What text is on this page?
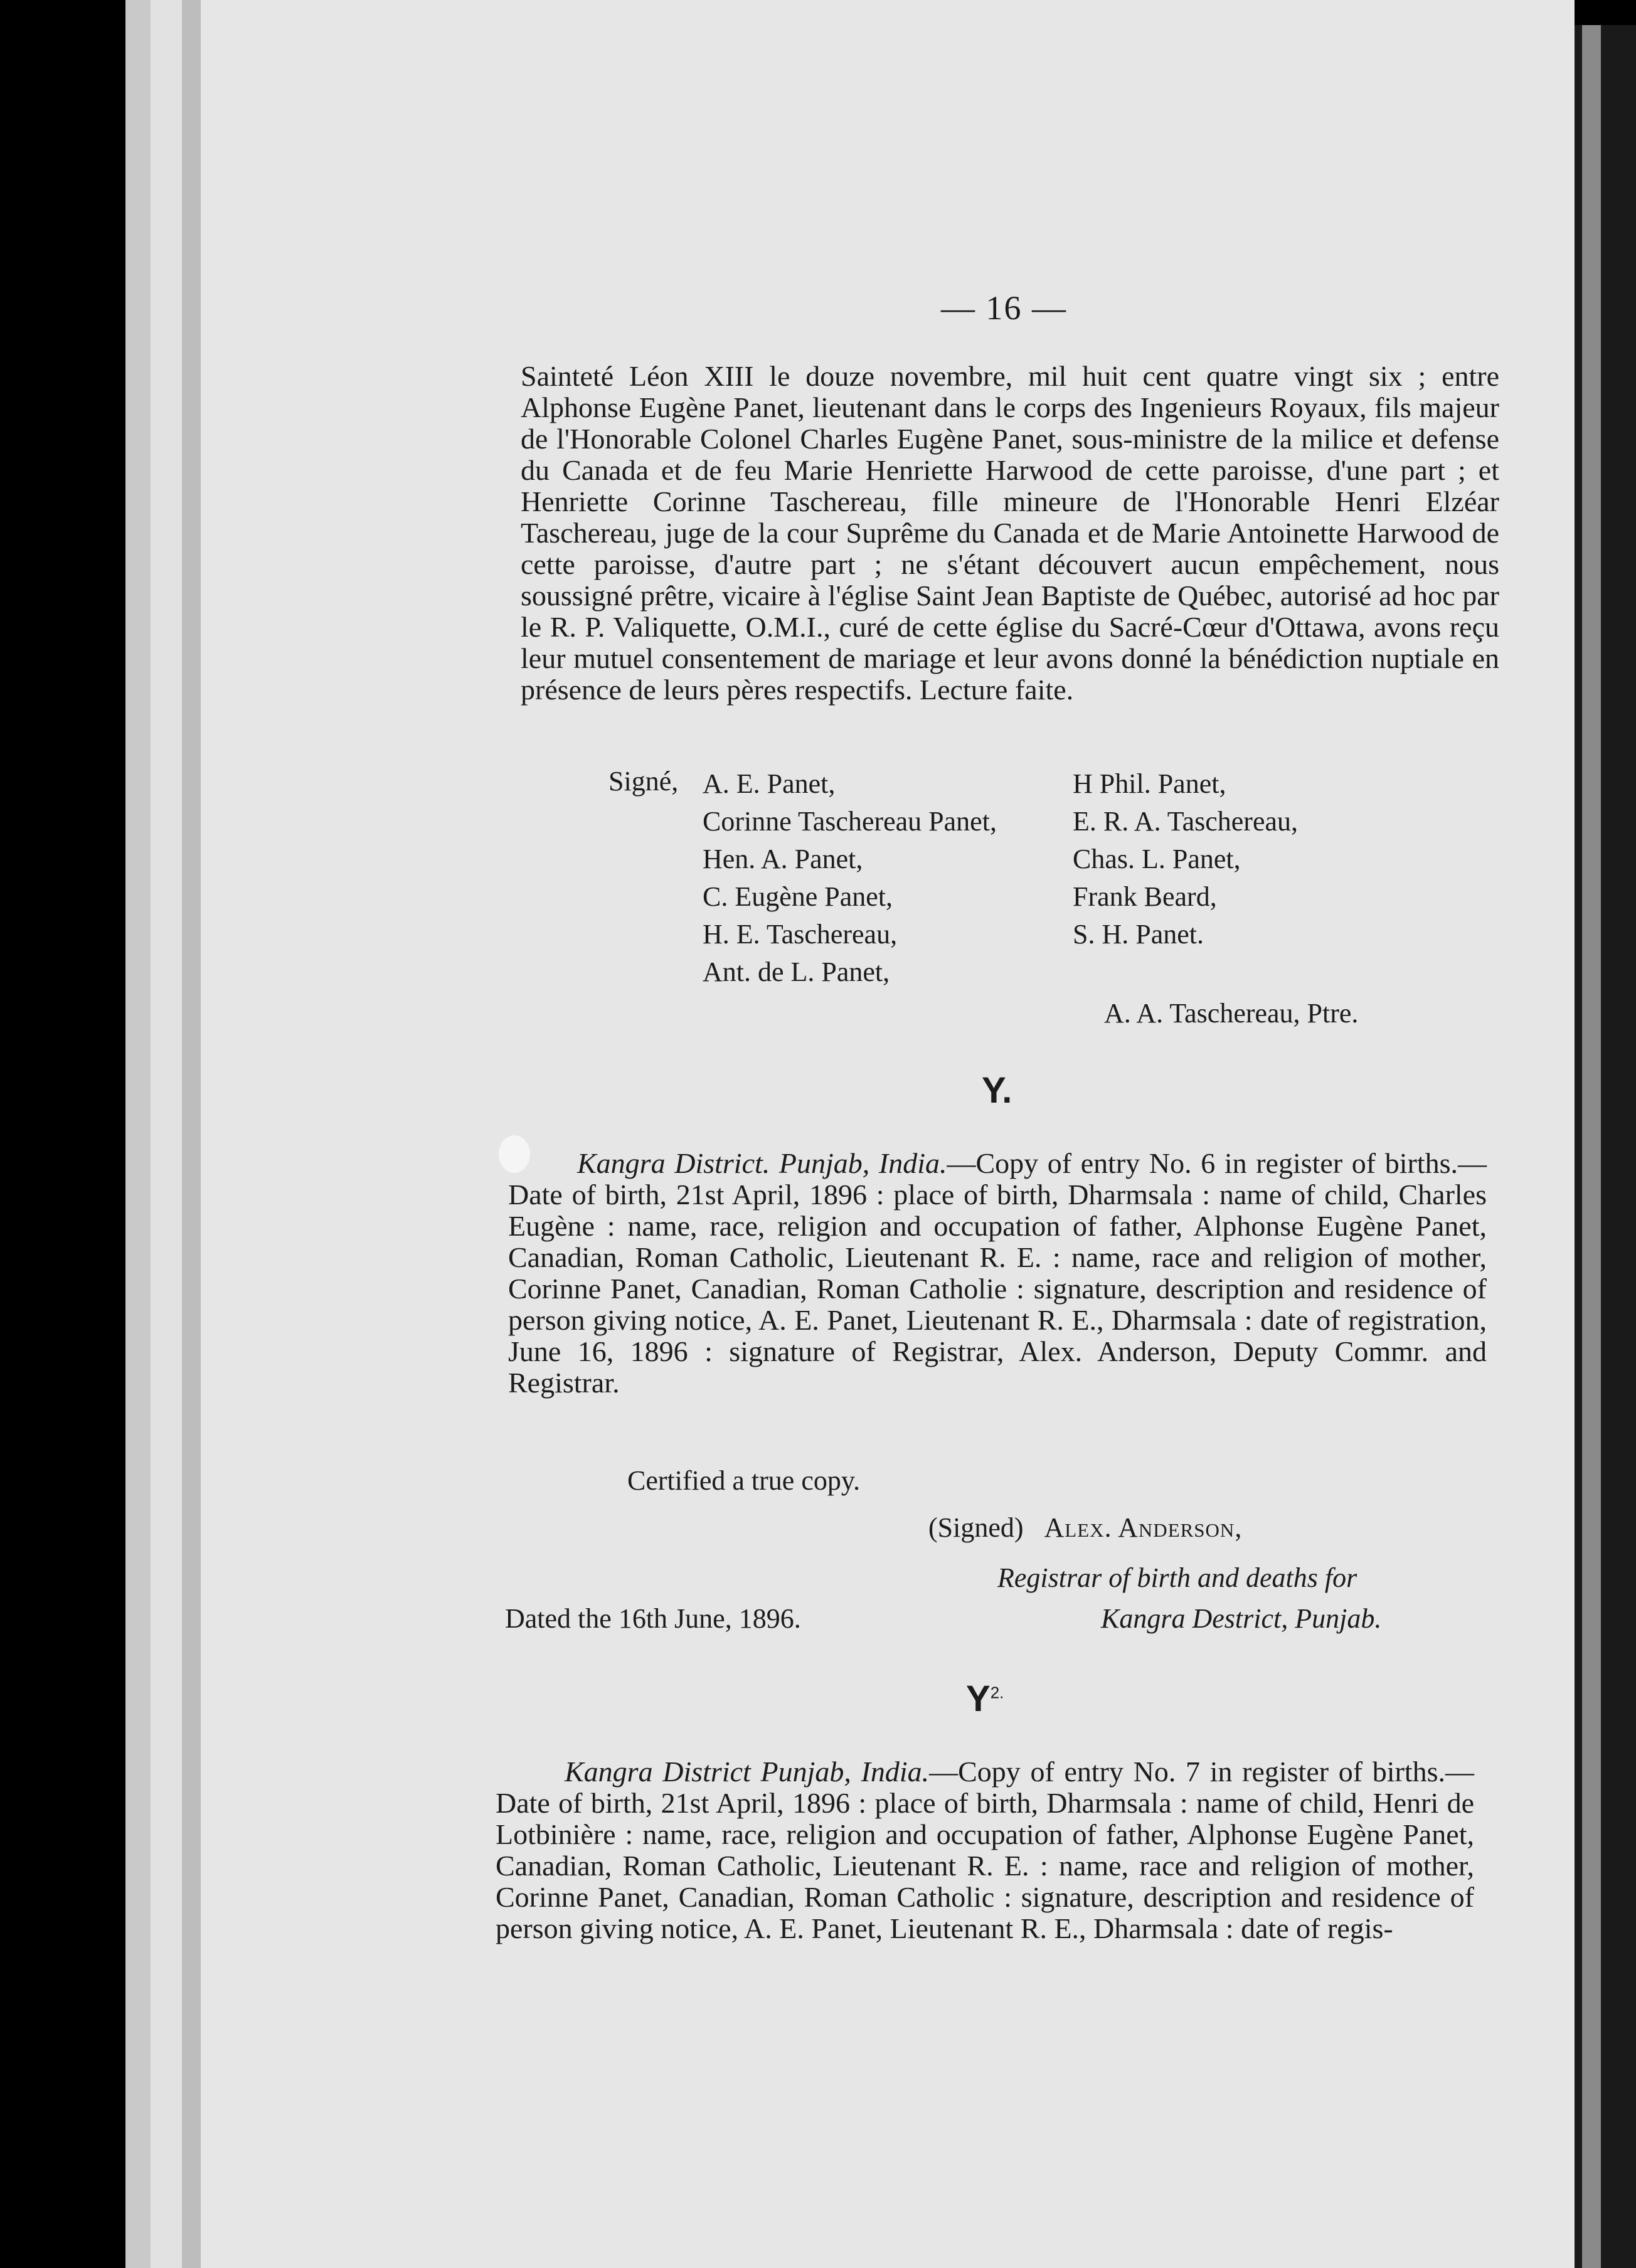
— 16 —
Sainteté Léon XIII le douze novembre, mil huit cent quatre vingt six ; entre Alphonse Eugène Panet, lieutenant dans le corps des Ingenieurs Royaux, fils majeur de l'Honorable Colonel Charles Eugène Panet, sous-ministre de la milice et defense du Canada et de feu Marie Henriette Harwood de cette paroisse, d'une part ; et Henriette Corinne Taschereau, fille mineure de l'Honorable Henri Elzéar Taschereau, juge de la cour Suprême du Canada et de Marie Antoinette Harwood de cette paroisse, d'autre part ; ne s'étant découvert aucun empêchement, nous soussigné prêtre, vicaire à l'église Saint Jean Baptiste de Québec, autorisé ad hoc par le R. P. Valiquette, O.M.I., curé de cette église du Sacré-Cœur d'Ottawa, avons reçu leur mutuel consentement de mariage et leur avons donné la bénédiction nuptiale en présence de leurs pères respectifs. Lecture faite.
Signé, A. E. Panet,
Corinne Taschereau Panet,
Hen. A. Panet,
C. Eugène Panet,
H. E. Taschereau,
Ant. de L. Panet,
H Phil. Panet,
E. R. A. Taschereau,
Chas. L. Panet,
Frank Beard,
S. H. Panet.
A. A. Taschereau, Ptre.
Y.
Kangra District. Punjab, India.—Copy of entry No. 6 in register of births.—Date of birth, 21st April, 1896 : place of birth, Dharmsala : name of child, Charles Eugène : name, race, religion and occupation of father, Alphonse Eugène Panet, Canadian, Roman Catholic, Lieutenant R. E. : name, race and religion of mother, Corinne Panet, Canadian, Roman Catholie : signature, description and residence of person giving notice, A. E. Panet, Lieutenant R. E., Dharmsala : date of registration, June 16, 1896 : signature of Registrar, Alex. Anderson, Deputy Commr. and Registrar.
Certified a true copy.
(Signed) Alex. Anderson,
Registrar of birth and deaths for
Dated the 16th June, 1896.	Kangra Destrict, Punjab.
$Y^{2.}$
Kangra District Punjab, India.—Copy of entry No. 7 in register of births.—Date of birth, 21st April, 1896 : place of birth, Dharmsala : name of child, Henri de Lotbinière : name, race, religion and occupation of father, Alphonse Eugène Panet, Canadian, Roman Catholic, Lieutenant R. E. : name, race and religion of mother, Corinne Panet, Canadian, Roman Catholic : signature, description and residence of person giving notice, A. E. Panet, Lieutenant R. E., Dharmsala : date of regis-
